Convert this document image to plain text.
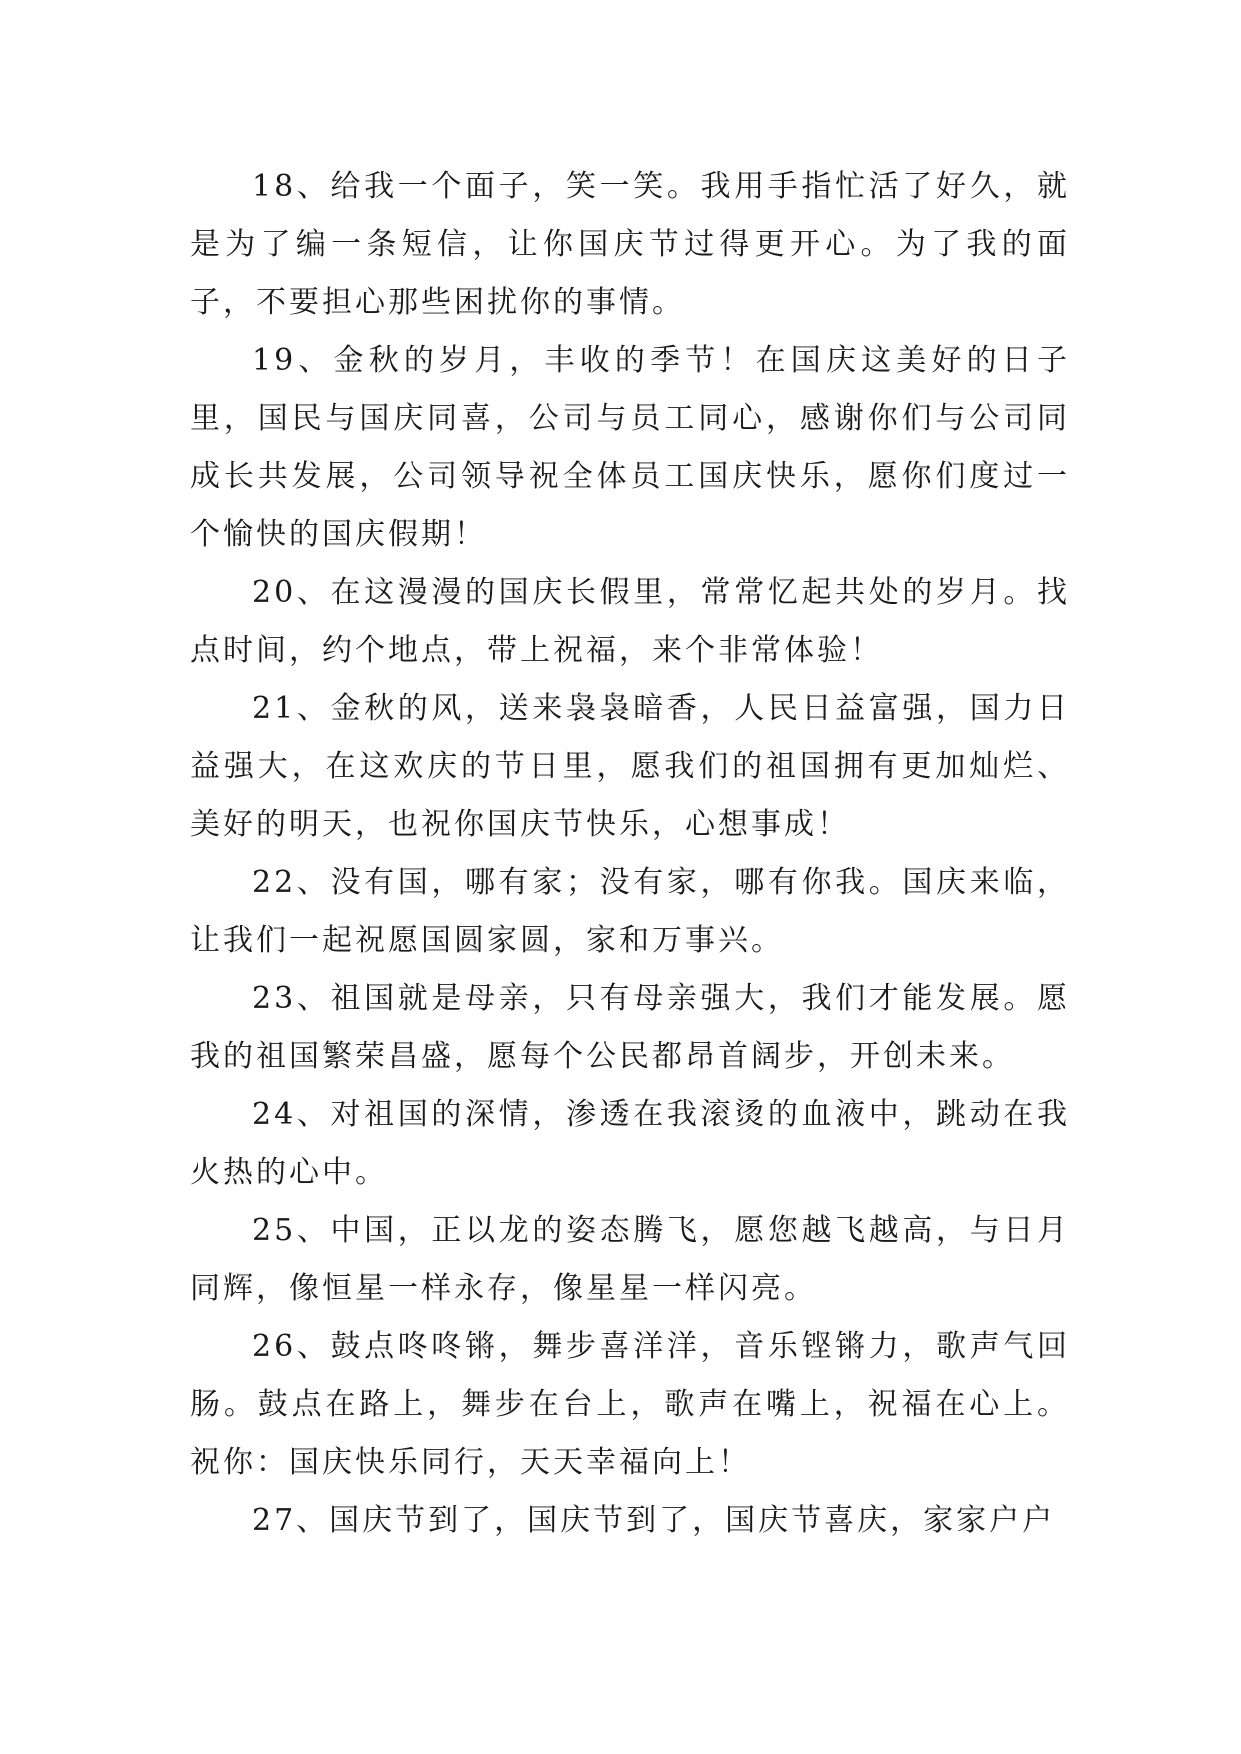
18、给我一个面子，笑一笑。我用手指忙活了好久，就是为了编一条短信，让你国庆节过得更开心。为了我的面子，不要担心那些困扰你的事情。

19、金秋的岁月，丰收的季节！在国庆这美好的日子里，国民与国庆同喜，公司与员工同心，感谢你们与公司同成长共发展，公司领导祝全体员工国庆快乐，愿你们度过一个愉快的国庆假期！

20、在这漫漫的国庆长假里，常常忆起共处的岁月。找点时间，约个地点，带上祝福，来个非常体验！

21、金秋的风，送来袅袅暗香，人民日益富强，国力日益强大，在这欢庆的节日里，愿我们的祖国拥有更加灿烂、美好的明天，也祝你国庆节快乐，心想事成！

22、没有国，哪有家；没有家，哪有你我。国庆来临，让我们一起祝愿国圆家圆，家和万事兴。

23、祖国就是母亲，只有母亲强大，我们才能发展。愿我的祖国繁荣昌盛，愿每个公民都昂首阔步，开创未来。

24、对祖国的深情，渗透在我滚烫的血液中，跳动在我火热的心中。

25、中国，正以龙的姿态腾飞，愿您越飞越高，与日月同辉，像恒星一样永存，像星星一样闪亮。

26、鼓点咚咚锵，舞步喜洋洋，音乐铿锵力，歌声气回肠。鼓点在路上，舞步在台上，歌声在嘴上，祝福在心上。祝你：国庆快乐同行，天天幸福向上！

27、国庆节到了，国庆节到了，国庆节喜庆，家家户户
